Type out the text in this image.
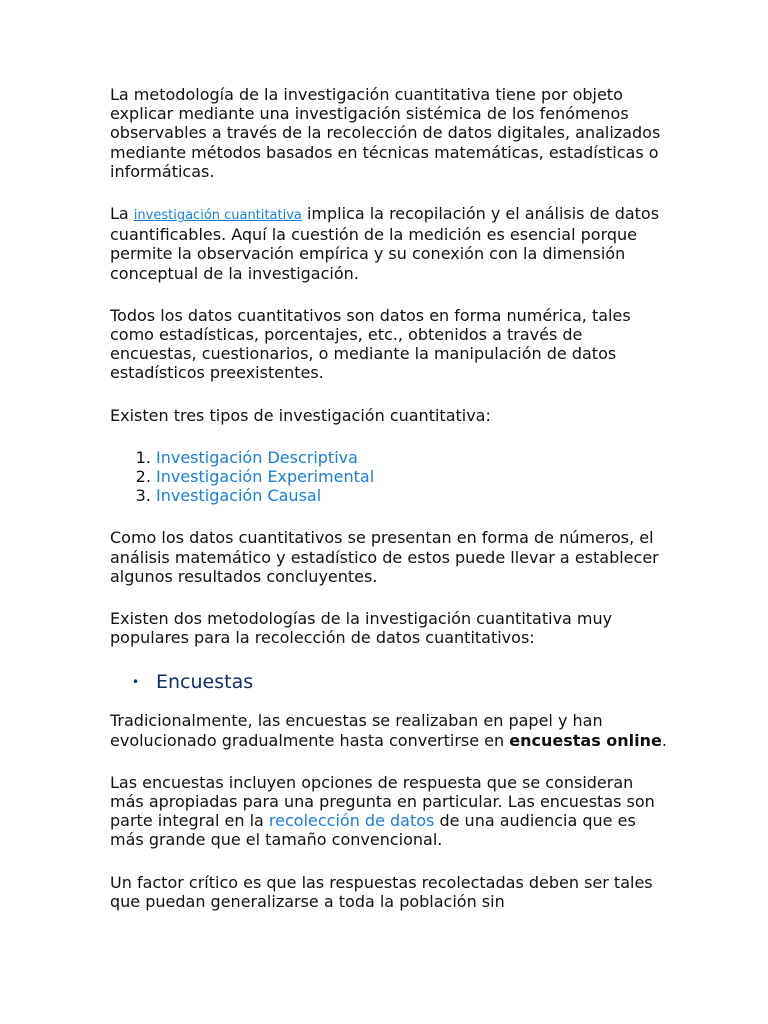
La metodología de la investigación cuantitativa tiene por objeto explicar mediante una investigación sistémica de los fenómenos observables a través de la recolección de datos digitales, analizados mediante métodos basados en técnicas matemáticas, estadísticas o informáticas.

La investigación cuantitativa implica la recopilación y el análisis de datos cuantificables. Aquí la cuestión de la medición es esencial porque permite la observación empírica y su conexión con la dimensión conceptual de la investigación.

Todos los datos cuantitativos son datos en forma numérica, tales como estadísticas, porcentajes, etc., obtenidos a través de encuestas, cuestionarios, o mediante la manipulación de datos estadísticos preexistentes.

Existen tres tipos de investigación cuantitativa:

1. Investigación Descriptiva
2. Investigación Experimental
3. Investigación Causal

Como los datos cuantitativos se presentan en forma de números, el análisis matemático y estadístico de estos puede llevar a establecer algunos resultados concluyentes.

Existen dos metodologías de la investigación cuantitativa muy populares para la recolección de datos cuantitativos:

• Encuestas

Tradicionalmente, las encuestas se realizaban en papel y han evolucionado gradualmente hasta convertirse en encuestas online.

Las encuestas incluyen opciones de respuesta que se consideran más apropiadas para una pregunta en particular. Las encuestas son parte integral en la recolección de datos de una audiencia que es más grande que el tamaño convencional.

Un factor crítico es que las respuestas recolectadas deben ser tales que puedan generalizarse a toda la población sin
